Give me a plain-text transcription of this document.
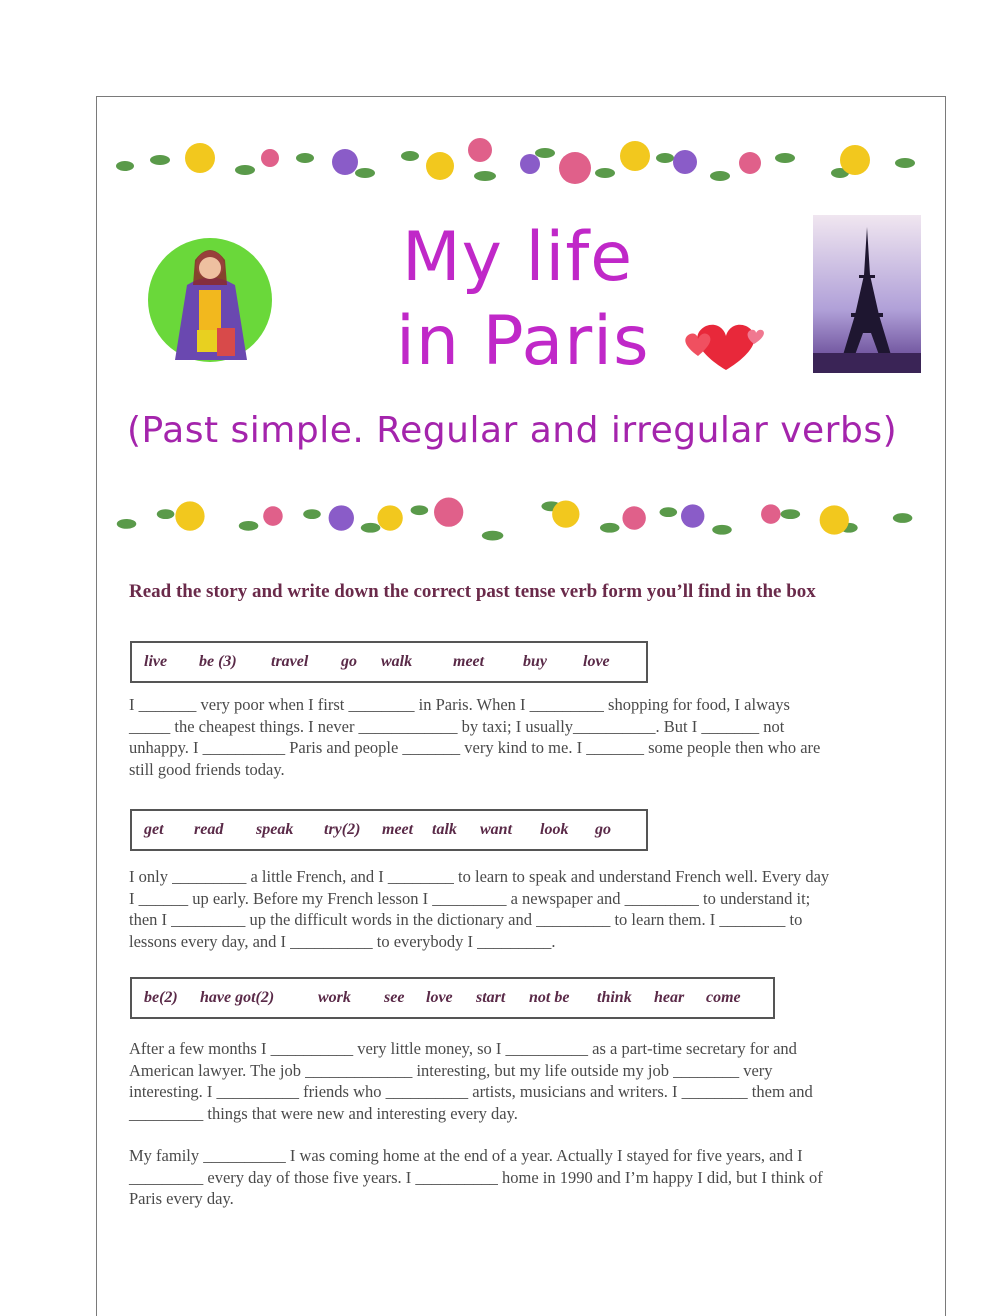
My life
in Paris
(Past simple. Regular and irregular verbs)
Read the story and write down the correct past tense verb form you’ll find in the box
live	be (3)	travel	go	walk	meet	buy	love
I _______ very poor when I first ________ in Paris. When I _________ shopping for food, I always
_____ the cheapest things. I never ____________ by taxi; I usually__________. But I _______ not
unhappy. I __________ Paris and people _______ very kind to me. I _______ some people then who are
still good friends today.
get	read	speak	try(2)	meet	talk	want	look	go
I only _________ a little French, and I ________ to learn to speak and understand French well. Every day
I ______ up early. Before my French lesson I _________ a newspaper and _________ to understand it;
then I _________ up the difficult words in the dictionary and _________ to learn them. I ________ to
lessons every day, and I __________ to everybody I _________.
be(2)	have got(2)	work	see	love	start	not be	think	hear	come
After a few months I __________ very little money, so I __________ as a part-time secretary for and
American lawyer. The job _____________ interesting, but my life outside my job ________ very
interesting. I __________ friends who __________ artists, musicians and writers. I ________ them and
_________ things that were new and interesting every day.
My family __________ I was coming home at the end of a year. Actually I stayed for five years, and I
_________ every day of those five years. I __________ home in 1990 and I’m happy I did, but I think of
Paris every day.
